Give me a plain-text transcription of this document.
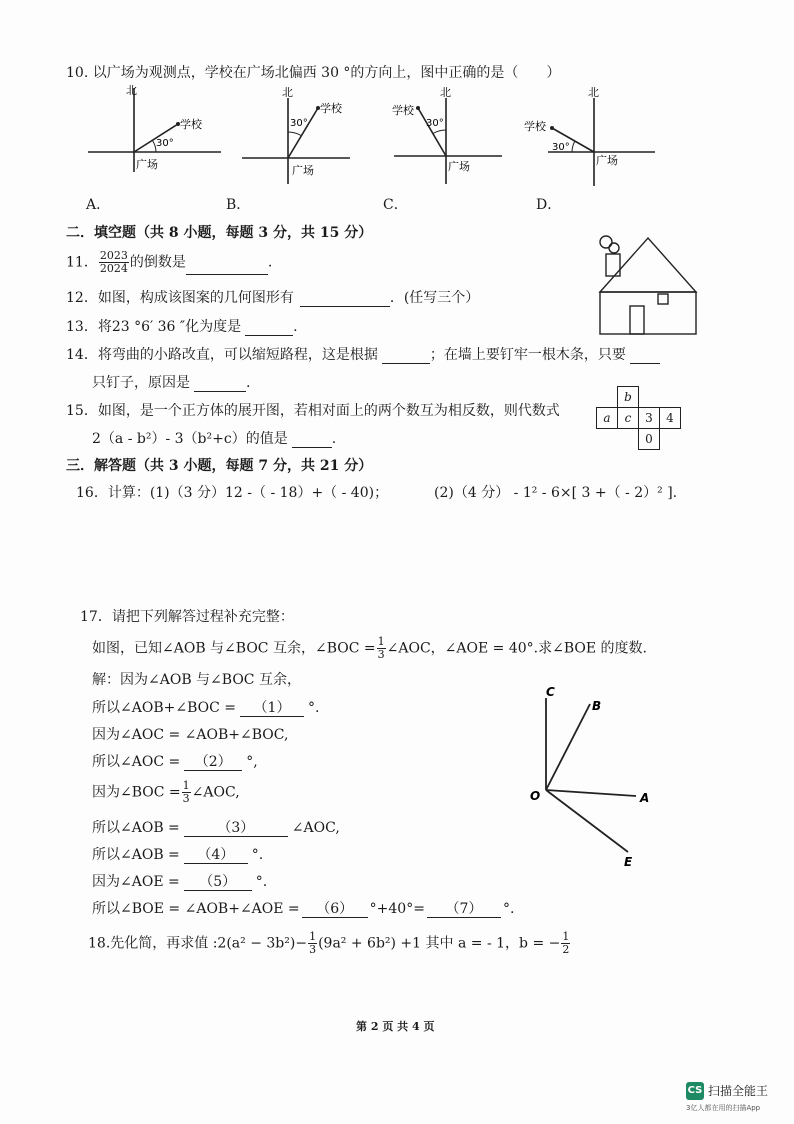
10. 以广场为观测点，学校在广场北偏西 30 °的方向上，图中正确的是（　　）
北
学校
30°
广场
A．
北
学校
30°
广场
B．
北
学校
30°
广场
C．
北
学校
30°
广场
D．
二．填空题（共 8 小题，每题 3 分，共 15 分）
11． $\frac{2023}{2024}$ 的倒数是	.
12．如图，构成该图案的几何图形有	．(任写三个）
13．将23 °6′ 36 ″化为度是	.
14．将弯曲的小路改直，可以缩短路程，这是根据	；在墙上要钉牢一根木条，只要
只钉子，原因是	.
15．如图，是一个正方体的展开图，若相对面上的两个数互为相反数，则代数式
2（a - b²）- 3（b²+c）的值是	.
	b		
a	c	3	4
		0	
三．解答题（共 3 小题，每题 7 分，共 21 分）
16．计算：(1)（3 分）12 -（ - 18）+（ - 40)；	(2)（4 分） - 1² - 6×[ 3 +（ - 2）² ].
17．请把下列解答过程补充完整：
如图，已知∠AOB 与∠BOC 互余，∠BOC = $\frac{1}{3}$ ∠AOC，∠AOE = 40°.求∠BOE 的度数.
解：因为∠AOB 与∠BOC 互余，
所以∠AOB+∠BOC = （1） °.
因为∠AOC = ∠AOB+∠BOC,
所以∠AOC = （2） °,
因为∠BOC = $\frac{1}{3}$ ∠AOC,
所以∠AOB =	（3）	∠AOC,
所以∠AOB = （4） °.
因为∠AOE = （5） °.
所以∠BOE = ∠AOB+∠AOE = （6） °+40°= （7） °.
C
B
O	A
E
18.先化简，再求值 :2(a² − $3b^2)- \frac{1}{3} (9a^2 + 6b^2) +1$ 其中 a = - 1，b = − $\frac{1}{2}$
第 2 页 共 4 页
CS 扫描全能王
3亿人都在用的扫描App
